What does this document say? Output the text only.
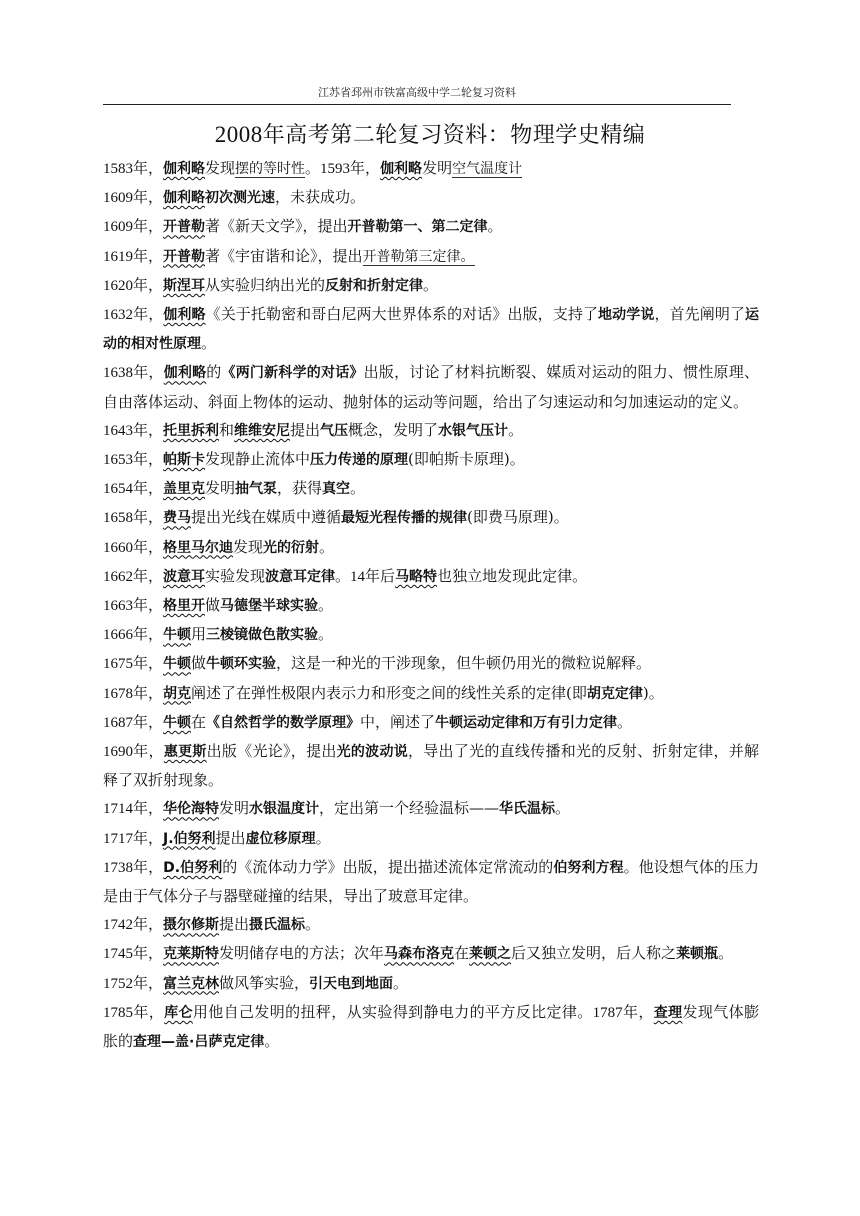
江苏省邳州市铁富高级中学二轮复习资料
2008年高考第二轮复习资料：物理学史精编
1583年，伽利略发现摆的等时性。1593年，伽利略发明空气温度计
1609年，伽利略初次测光速，未获成功。
1609年，开普勒著《新天文学》，提出开普勒第一、第二定律。
1619年，开普勒著《宇宙谐和论》，提出开普勒第三定律。
1620年，斯涅耳从实验归纳出光的反射和折射定律。
1632年，伽利略《关于托勒密和哥白尼两大世界体系的对话》出版，支持了地动学说，首先阐明了运动的相对性原理。
1638年，伽利略的《两门新科学的对话》出版，讨论了材料抗断裂、媒质对运动的阻力、惯性原理、自由落体运动、斜面上物体的运动、抛射体的运动等问题，给出了匀速运动和匀加速运动的定义。
1643年，托里拆利和维维安尼提出气压概念，发明了水银气压计。
1653年，帕斯卡发现静止流体中压力传递的原理(即帕斯卡原理)。
1654年，盖里克发明抽气泵，获得真空。
1658年，费马提出光线在媒质中遵循最短光程传播的规律(即费马原理)。
1660年，格里马尔迪发现光的衍射。
1662年，波意耳实验发现波意耳定律。14年后马略特也独立地发现此定律。
1663年，格里开做马德堡半球实验。
1666年，牛顿用三棱镜做色散实验。
1675年，牛顿做牛顿环实验，这是一种光的干涉现象，但牛顿仍用光的微粒说解释。
1678年，胡克阐述了在弹性极限内表示力和形变之间的线性关系的定律(即胡克定律)。
1687年，牛顿在《自然哲学的数学原理》中，阐述了牛顿运动定律和万有引力定律。
1690年，惠更斯出版《光论》，提出光的波动说，导出了光的直线传播和光的反射、折射定律，并解释了双折射现象。
1714年，华伦海特发明水银温度计，定出第一个经验温标——华氏温标。
1717年，J.伯努利提出虚位移原理。
1738年，D.伯努利的《流体动力学》出版，提出描述流体定常流动的伯努利方程。他设想气体的压力是由于气体分子与器壁碰撞的结果，导出了玻意耳定律。
1742年，摄尔修斯提出摄氏温标。
1745年，克莱斯特发明储存电的方法；次年马森布洛克在莱顿之后又独立发明，后人称之莱顿瓶。
1752年，富兰克林做风筝实验，引天电到地面。
1785年，库仑用他自己发明的扭秤，从实验得到静电力的平方反比定律。1787年，查理发现气体膨胀的查理—盖·吕萨克定律。
